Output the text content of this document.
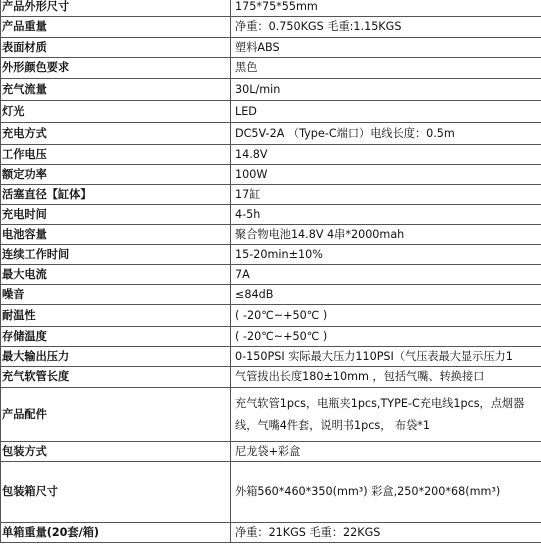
产品外形尺寸	175*75*55mm
产品重量	净重：0.750KGS 毛重:1.15KGS
表面材质	塑料ABS
外形颜色要求	黑色
充气流量	30L/min
灯光	LED
充电方式	DC5V-2A （Type-C端口）电线长度：0.5m
工作电压	14.8V
额定功率	100W
活塞直径【缸体】	17缸
充电时间	4-5h
电池容量	聚合物电池14.8V 4串*2000mah
连续工作时间	15-20min±10%
最大电流	7A
噪音	≤84dB
耐温性	( -20℃~+50℃ )
存储温度	( -20℃~+50℃ )
最大输出压力	0-150PSI 实际最大压力110PSI（气压表最大显示压力1
充气软管长度	气管拔出长度180±10mm ，包括气嘴、转换接口
产品配件	充气软管1pcs，电瓶夹1pcs,TYPE-C充电线1pcs，点烟器线，气嘴4件套，说明书1pcs， 布袋*1
包装方式	尼龙袋+彩盒
包装箱尺寸	外箱560*460*350(mm³) 彩盒,250*200*68(mm³)
单箱重量(20套/箱)	净重：21KGS 毛重：22KGS
